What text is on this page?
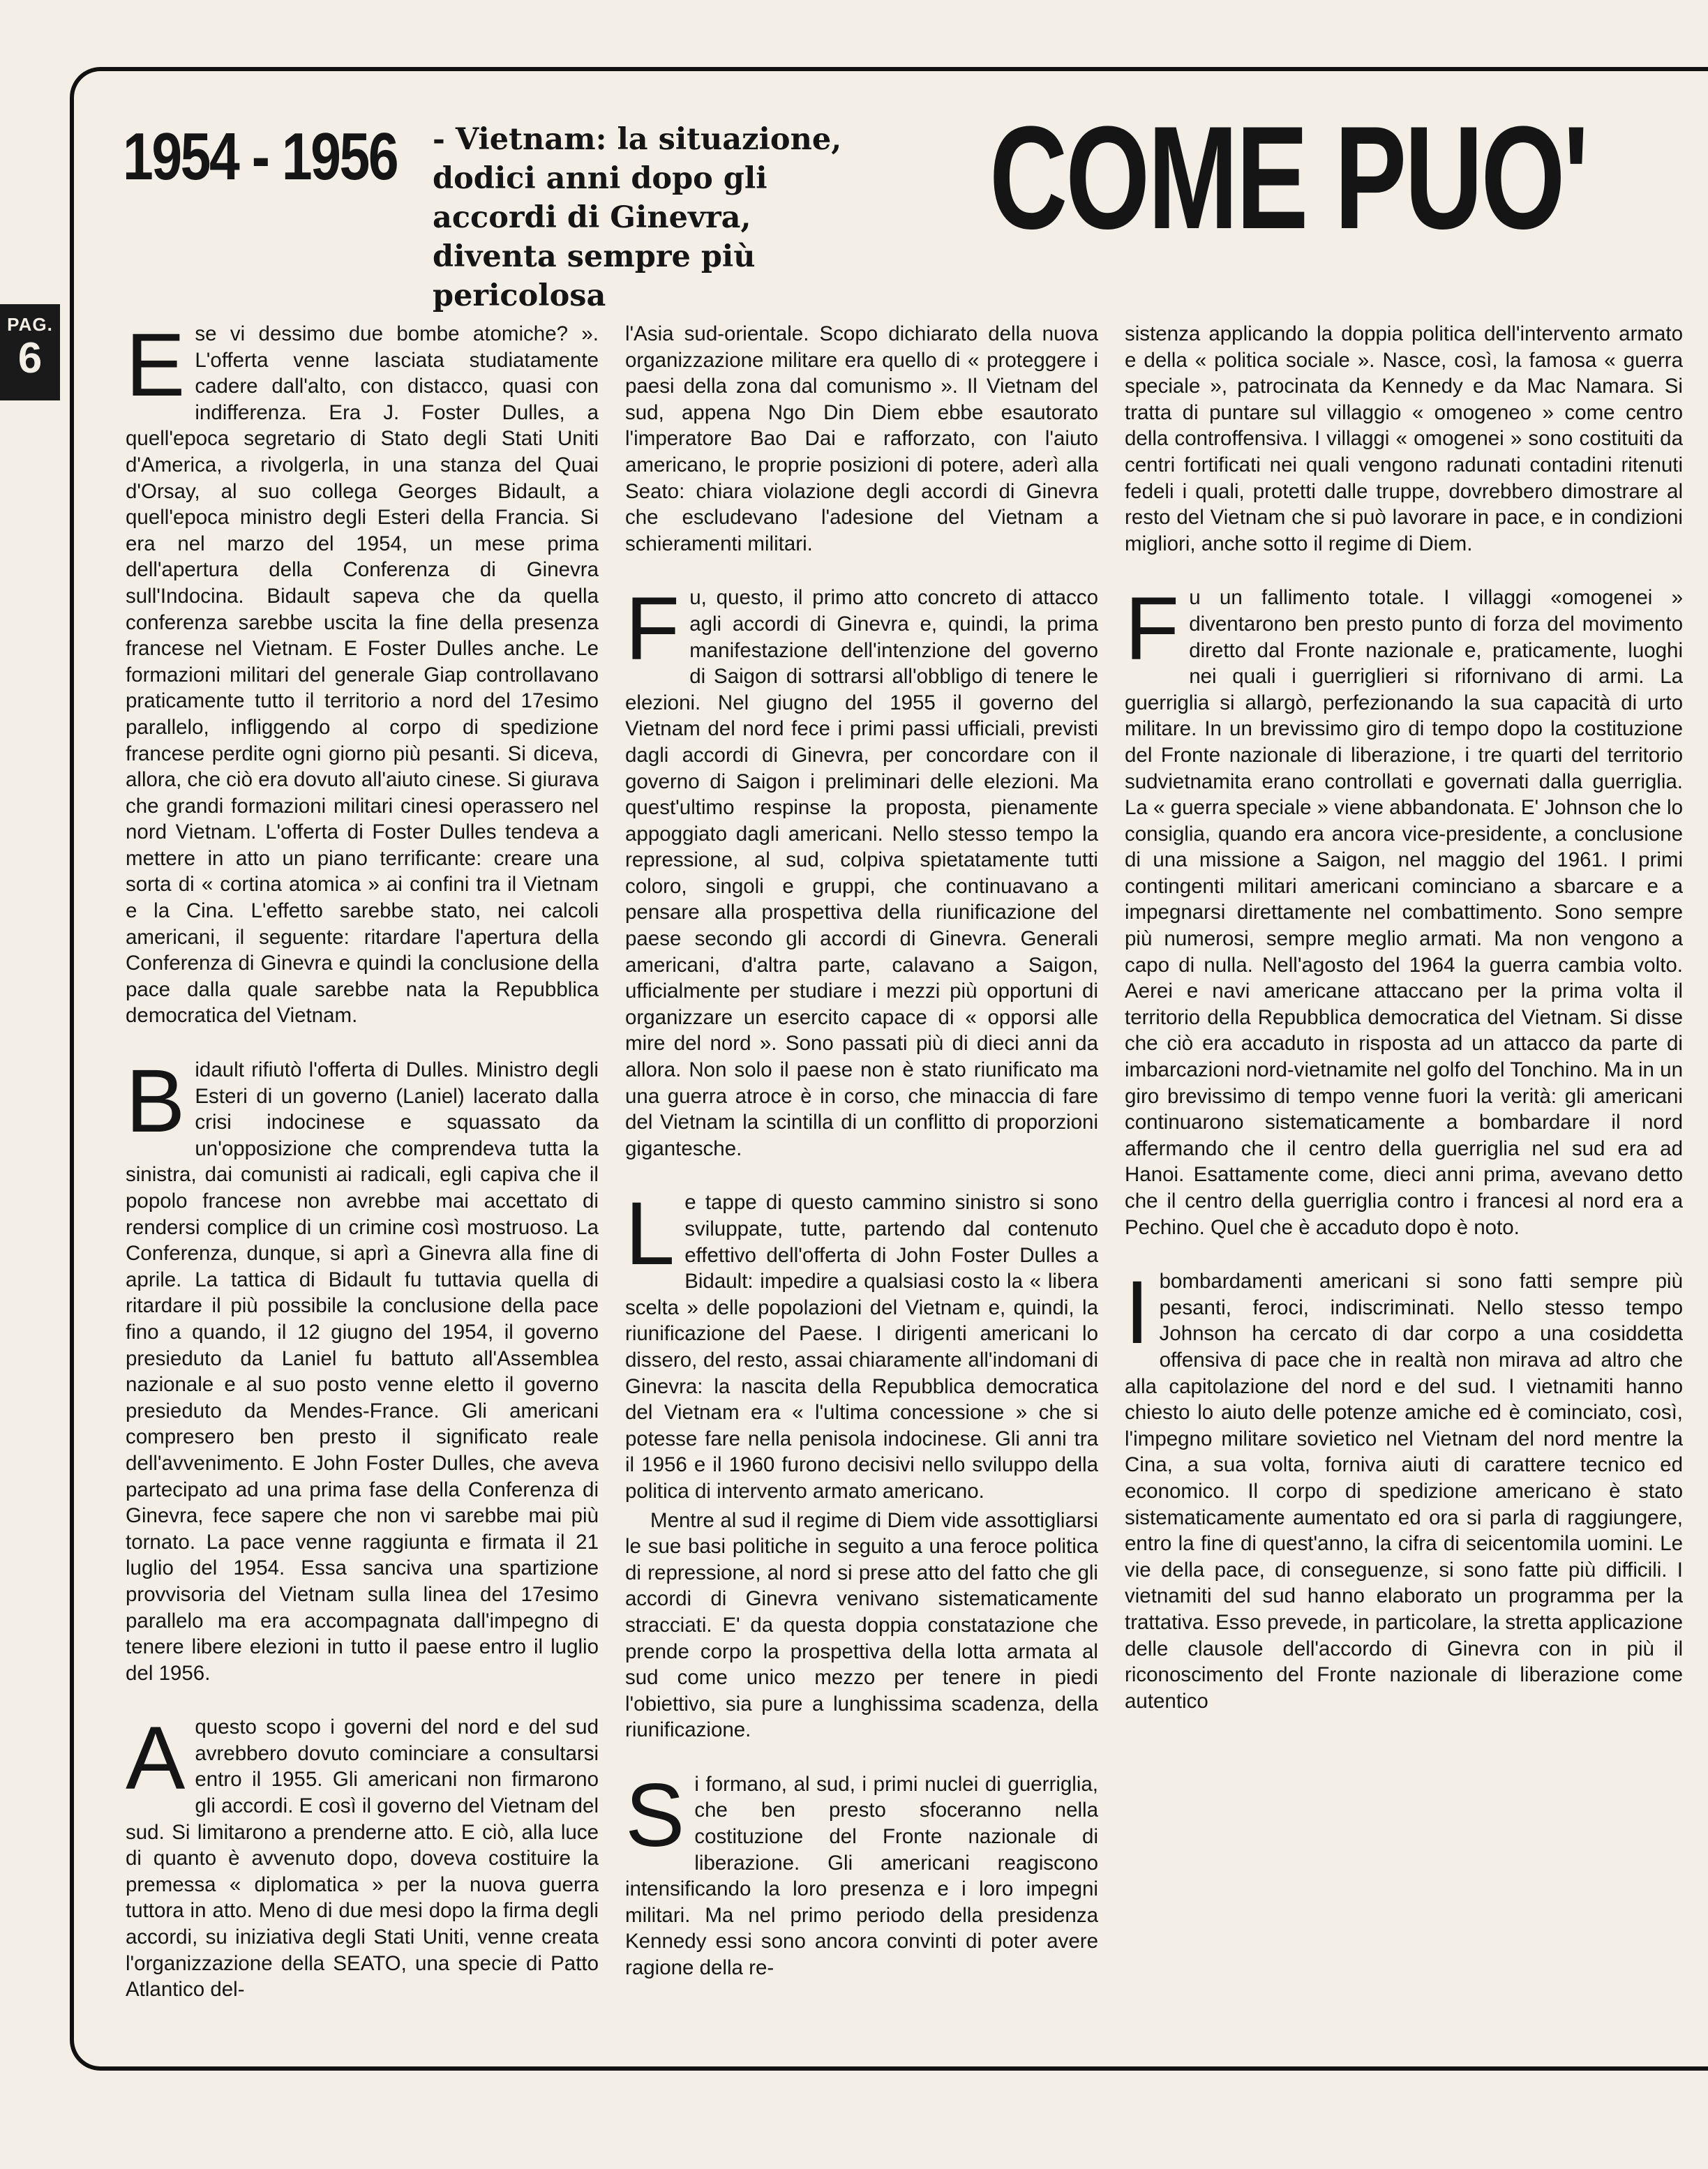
PAG.
6
1954 - 1956 - Vietnam: la situazione, dodici anni dopo gli accordi di Ginevra, diventa sempre più pericolosa
COME PUO'

Ese vi dessimo due bombe atomiche? ». L'offerta venne lasciata studiatamente cadere dall'alto, con distacco, quasi con indifferenza. Era J. Foster Dulles, a quell'epoca segretario di Stato degli Stati Uniti d'America, a rivolgerla, in una stanza del Quai d'Orsay, al suo collega Georges Bidault, a quell'epoca ministro degli Esteri della Francia. Si era nel marzo del 1954, un mese prima dell'apertura della Conferenza di Ginevra sull'Indocina. Bidault sapeva che da quella conferenza sarebbe uscita la fine della presenza francese nel Vietnam. E Foster Dulles anche. Le formazioni militari del generale Giap controllavano praticamente tutto il territorio a nord del 17esimo parallelo, infliggendo al corpo di spedizione francese perdite ogni giorno più pesanti. Si diceva, allora, che ciò era dovuto all'aiuto cinese. Si giurava che grandi formazioni militari cinesi operassero nel nord Vietnam. L'offerta di Foster Dulles tendeva a mettere in atto un piano terrificante: creare una sorta di « cortina atomica » ai confini tra il Vietnam e la Cina. L'effetto sarebbe stato, nei calcoli americani, il seguente: ritardare l'apertura della Conferenza di Ginevra e quindi la conclusione della pace dalla quale sarebbe nata la Repubblica democratica del Vietnam.

Bidault rifiutò l'offerta di Dulles. Ministro degli Esteri di un governo (Laniel) lacerato dalla crisi indocinese e squassato da un'opposizione che comprendeva tutta la sinistra, dai comunisti ai radicali, egli capiva che il popolo francese non avrebbe mai accettato di rendersi complice di un crimine così mostruoso. La Conferenza, dunque, si aprì a Ginevra alla fine di aprile. La tattica di Bidault fu tuttavia quella di ritardare il più possibile la conclusione della pace fino a quando, il 12 giugno del 1954, il governo presieduto da Laniel fu battuto all'Assemblea nazionale e al suo posto venne eletto il governo presieduto da Mendes-France. Gli americani compresero ben presto il significato reale dell'avvenimento. E John Foster Dulles, che aveva partecipato ad una prima fase della Conferenza di Ginevra, fece sapere che non vi sarebbe mai più tornato. La pace venne raggiunta e firmata il 21 luglio del 1954. Essa sanciva una spartizione provvisoria del Vietnam sulla linea del 17esimo parallelo ma era accompagnata dall'impegno di tenere libere elezioni in tutto il paese entro il luglio del 1956.

Aquesto scopo i governi del nord e del sud avrebbero dovuto cominciare a consultarsi entro il 1955. Gli americani non firmarono gli accordi. E così il governo del Vietnam del sud. Si limitarono a prenderne atto. E ciò, alla luce di quanto è avvenuto dopo, doveva costituire la premessa « diplomatica » per la nuova guerra tuttora in atto. Meno di due mesi dopo la firma degli accordi, su iniziativa degli Stati Uniti, venne creata l'organizzazione della SEATO, una specie di Patto Atlantico del-

l'Asia sud-orientale. Scopo dichiarato della nuova organizzazione militare era quello di « proteggere i paesi della zona dal comunismo ». Il Vietnam del sud, appena Ngo Din Diem ebbe esautorato l'imperatore Bao Dai e rafforzato, con l'aiuto americano, le proprie posizioni di potere, aderì alla Seato: chiara violazione degli accordi di Ginevra che escludevano l'adesione del Vietnam a schieramenti militari.

Fu, questo, il primo atto concreto di attacco agli accordi di Ginevra e, quindi, la prima manifestazione dell'intenzione del governo di Saigon di sottrarsi all'obbligo di tenere le elezioni. Nel giugno del 1955 il governo del Vietnam del nord fece i primi passi ufficiali, previsti dagli accordi di Ginevra, per concordare con il governo di Saigon i preliminari delle elezioni. Ma quest'ultimo respinse la proposta, pienamente appoggiato dagli americani. Nello stesso tempo la repressione, al sud, colpiva spietatamente tutti coloro, singoli e gruppi, che continuavano a pensare alla prospettiva della riunificazione del paese secondo gli accordi di Ginevra. Generali americani, d'altra parte, calavano a Saigon, ufficialmente per studiare i mezzi più opportuni di organizzare un esercito capace di « opporsi alle mire del nord ». Sono passati più di dieci anni da allora. Non solo il paese non è stato riunificato ma una guerra atroce è in corso, che minaccia di fare del Vietnam la scintilla di un conflitto di proporzioni gigantesche.

Le tappe di questo cammino sinistro si sono sviluppate, tutte, partendo dal contenuto effettivo dell'offerta di John Foster Dulles a Bidault: impedire a qualsiasi costo la « libera scelta » delle popolazioni del Vietnam e, quindi, la riunificazione del Paese. I dirigenti americani lo dissero, del resto, assai chiaramente all'indomani di Ginevra: la nascita della Repubblica democratica del Vietnam era « l'ultima concessione » che si potesse fare nella penisola indocinese. Gli anni tra il 1956 e il 1960 furono decisivi nello sviluppo della politica di intervento armato americano.

Mentre al sud il regime di Diem vide assottigliarsi le sue basi politiche in seguito a una feroce politica di repressione, al nord si prese atto del fatto che gli accordi di Ginevra venivano sistematicamente stracciati. E' da questa doppia constatazione che prende corpo la prospettiva della lotta armata al sud come unico mezzo per tenere in piedi l'obiettivo, sia pure a lunghissima scadenza, della riunificazione.

Si formano, al sud, i primi nuclei di guerriglia, che ben presto sfoceranno nella costituzione del Fronte nazionale di liberazione. Gli americani reagiscono intensificando la loro presenza e i loro impegni militari. Ma nel primo periodo della presidenza Kennedy essi sono ancora convinti di poter avere ragione della re-

sistenza applicando la doppia politica dell'intervento armato e della « politica sociale ». Nasce, così, la famosa « guerra speciale », patrocinata da Kennedy e da Mac Namara. Si tratta di puntare sul villaggio « omogeneo » come centro della controffensiva. I villaggi « omogenei » sono costituiti da centri fortificati nei quali vengono radunati contadini ritenuti fedeli i quali, protetti dalle truppe, dovrebbero dimostrare al resto del Vietnam che si può lavorare in pace, e in condizioni migliori, anche sotto il regime di Diem.

Fu un fallimento totale. I villaggi «omogenei » diventarono ben presto punto di forza del movimento diretto dal Fronte nazionale e, praticamente, luoghi nei quali i guerriglieri si rifornivano di armi. La guerriglia si allargò, perfezionando la sua capacità di urto militare. In un brevissimo giro di tempo dopo la costituzione del Fronte nazionale di liberazione, i tre quarti del territorio sudvietnamita erano controllati e governati dalla guerriglia. La « guerra speciale » viene abbandonata. E' Johnson che lo consiglia, quando era ancora vice-presidente, a conclusione di una missione a Saigon, nel maggio del 1961. I primi contingenti militari americani cominciano a sbarcare e a impegnarsi direttamente nel combattimento. Sono sempre più numerosi, sempre meglio armati. Ma non vengono a capo di nulla. Nell'agosto del 1964 la guerra cambia volto. Aerei e navi americane attaccano per la prima volta il territorio della Repubblica democratica del Vietnam. Si disse che ciò era accaduto in risposta ad un attacco da parte di imbarcazioni nord-vietnamite nel golfo del Tonchino. Ma in un giro brevissimo di tempo venne fuori la verità: gli americani continuarono sistematicamente a bombardare il nord affermando che il centro della guerriglia nel sud era ad Hanoi. Esattamente come, dieci anni prima, avevano detto che il centro della guerriglia contro i francesi al nord era a Pechino. Quel che è accaduto dopo è noto.

Ibombardamenti americani si sono fatti sempre più pesanti, feroci, indiscriminati. Nello stesso tempo Johnson ha cercato di dar corpo a una cosiddetta offensiva di pace che in realtà non mirava ad altro che alla capitolazione del nord e del sud. I vietnamiti hanno chiesto lo aiuto delle potenze amiche ed è cominciato, così, l'impegno militare sovietico nel Vietnam del nord mentre la Cina, a sua volta, forniva aiuti di carattere tecnico ed economico. Il corpo di spedizione americano è stato sistematicamente aumentato ed ora si parla di raggiungere, entro la fine di quest'anno, la cifra di seicentomila uomini. Le vie della pace, di conseguenze, si sono fatte più difficili. I vietnamiti del sud hanno elaborato un programma per la trattativa. Esso prevede, in particolare, la stretta applicazione delle clausole dell'accordo di Ginevra con in più il riconoscimento del Fronte nazionale di liberazione come autentico
